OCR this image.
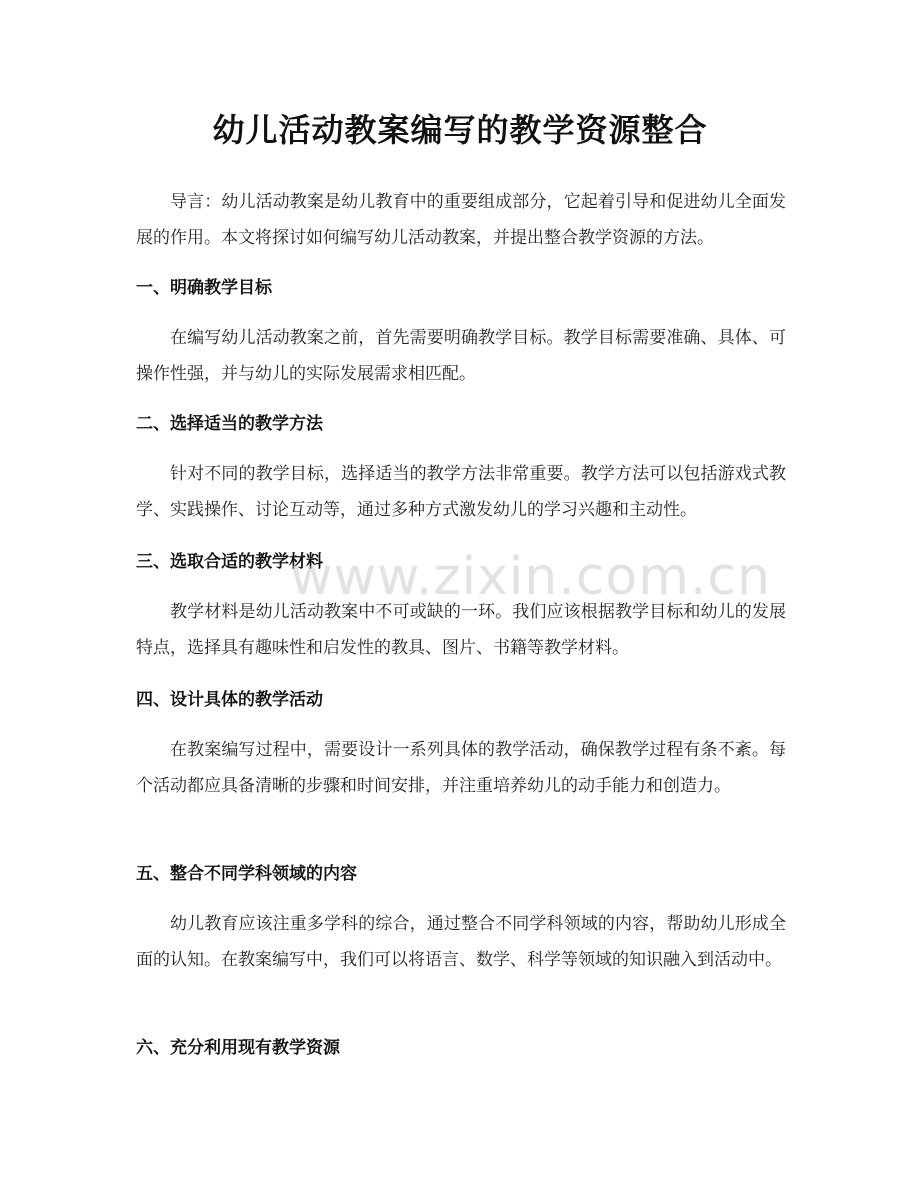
幼儿活动教案编写的教学资源整合

导言：幼儿活动教案是幼儿教育中的重要组成部分，它起着引导和促进幼儿全面发展的作用。本文将探讨如何编写幼儿活动教案，并提出整合教学资源的方法。

一、明确教学目标

在编写幼儿活动教案之前，首先需要明确教学目标。教学目标需要准确、具体、可操作性强，并与幼儿的实际发展需求相匹配。

二、选择适当的教学方法

针对不同的教学目标，选择适当的教学方法非常重要。教学方法可以包括游戏式教学、实践操作、讨论互动等，通过多种方式激发幼儿的学习兴趣和主动性。

三、选取合适的教学材料

教学材料是幼儿活动教案中不可或缺的一环。我们应该根据教学目标和幼儿的发展特点，选择具有趣味性和启发性的教具、图片、书籍等教学材料。

四、设计具体的教学活动

在教案编写过程中，需要设计一系列具体的教学活动，确保教学过程有条不紊。每个活动都应具备清晰的步骤和时间安排，并注重培养幼儿的动手能力和创造力。

五、整合不同学科领域的内容

幼儿教育应该注重多学科的综合，通过整合不同学科领域的内容，帮助幼儿形成全面的认知。在教案编写中，我们可以将语言、数学、科学等领域的知识融入到活动中。

六、充分利用现有教学资源
www.zixin.com.cn
